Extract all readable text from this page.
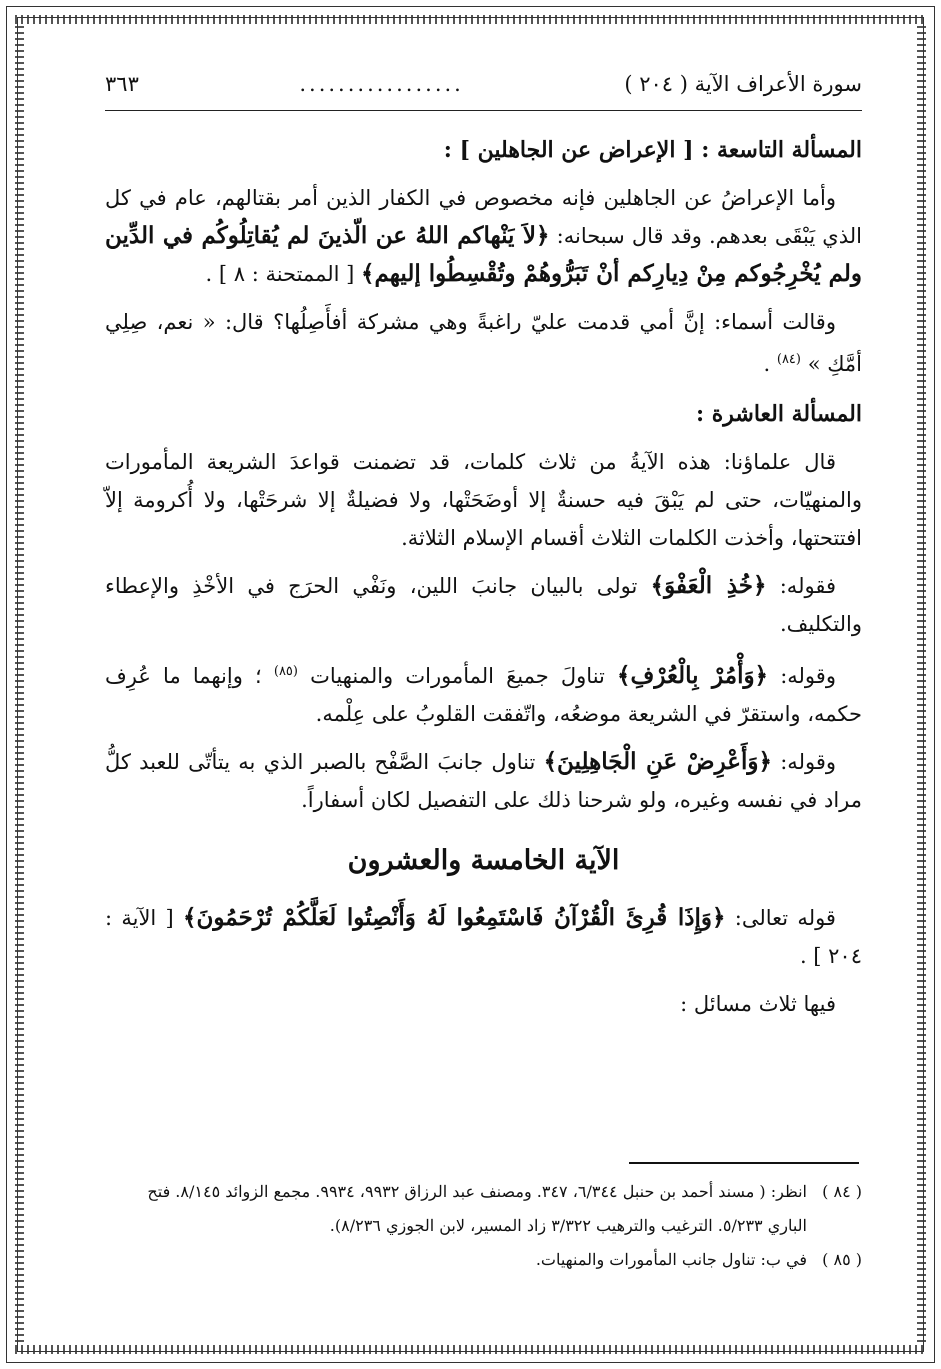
سورة الأعراف الآية ( ٢٠٤ )
.................
٣٦٣
المسألة التاسعة : [ الإعراض عن الجاهلين ] :

وأما الإعراضُ عن الجاهلين فإنه مخصوص في الكفار الذين أمر بقتالهم، عام في كل الذي يَبْقَى بعدهم. وقد قال سبحانه: ﴿لاَ يَنْهاكم اللهُ عن الّذينَ لم يُقاتِلُوكُم في الدِّين ولم يُخْرِجُوكم مِنْ دِيارِكم أنْ تَبَرُّوهُمْ وتُقْسِطُوا إليهم﴾ [ الممتحنة : ٨ ] .

وقالت أسماء: إنَّ أمي قدمت عليّ راغبةً وهي مشركة أفأَصِلُها؟ قال: « نعم، صِلِي أمَّكِ » $^{(٨٤)}$ .

المسألة العاشرة :

قال علماؤنا: هذه الآيةُ من ثلاث كلمات، قد تضمنت قواعدَ الشريعة المأمورات والمنهيّات، حتى لم يَبْقَ فيه حسنةٌ إلا أوضَحَتْها، ولا فضيلةٌ إلا شرحَتْها، ولا أُكرومة إلاّ افتتحتها، وأخذت الكلمات الثلاث أقسام الإسلام الثلاثة.

فقوله: ﴿خُذِ الْعَفْوَ﴾ تولى بالبيان جانبَ اللين، ونَفْي الحرَج في الأخْذِ والإعطاء والتكليف.

وقوله: ﴿وَأْمُرْ بِالْعُرْفِ﴾ تناولَ جميعَ المأمورات والمنهيات $^{(٨٥)}$ ؛ وإنهما ما عُرِف حكمه، واستقرّ في الشريعة موضعُه، واتّفقت القلوبُ على عِلْمه.

وقوله: ﴿وَأَعْرِضْ عَنِ الْجَاهِلِينَ﴾ تناول جانبَ الصَّفْح بالصبر الذي به يتأتّى للعبد كلُّ مراد في نفسه وغيره، ولو شرحنا ذلك على التفصيل لكان أسفاراً.

الآية الخامسة والعشرون

قوله تعالى: ﴿وَإِذَا قُرِئَ الْقُرْآنُ فَاسْتَمِعُوا لَهُ وَأَنْصِتُوا لَعَلَّكُمْ تُرْحَمُونَ﴾ [ الآية : ٢٠٤ ] .

فيها ثلاث مسائل :

( ٨٤ )
انظر: ( مسند أحمد بن حنبل ٦/٣٤٤، ٣٤٧. ومصنف عبد الرزاق ٩٩٣٢، ٩٩٣٤. مجمع الزوائد ٨/١٤٥. فتح الباري ٥/٢٣٣. الترغيب والترهيب ٣/٣٢٢ زاد المسير، لابن الجوزي ٨/٢٣٦).
( ٨٥ )
في ب: تناول جانب المأمورات والمنهيات.
